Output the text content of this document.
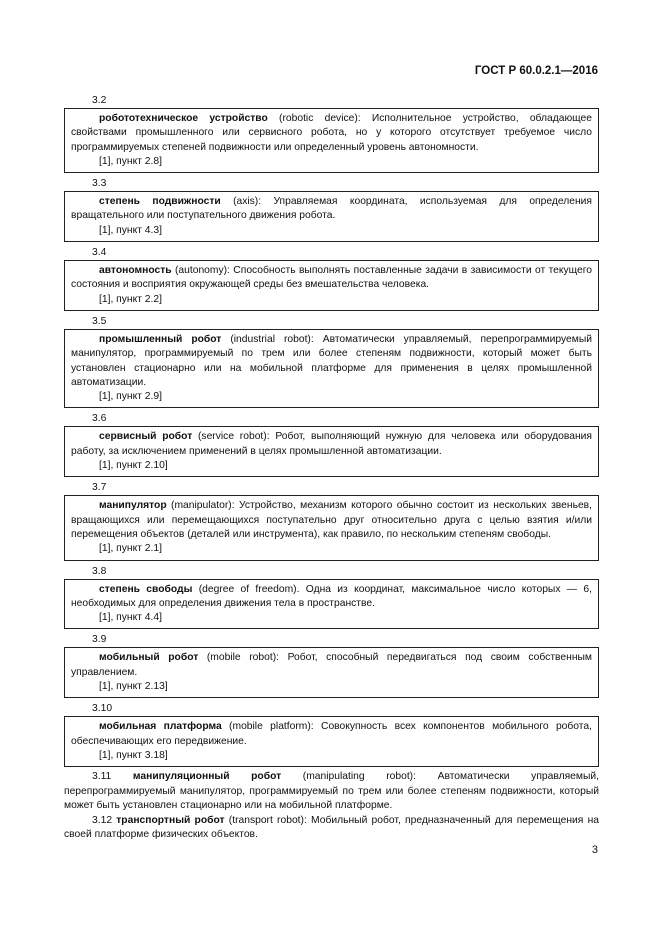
ГОСТ Р 60.0.2.1—2016
3.2
робототехническое устройство (robotic device): Исполнительное устройство, обладающее свойствами промышленного или сервисного робота, но у которого отсутствует требуемое число программируемых степеней подвижности или определенный уровень автономности.
[1], пункт 2.8]
3.3
степень подвижности (axis): Управляемая координата, используемая для определения вращательного или поступательного движения робота.
[1], пункт 4.3]
3.4
автономность (autonomy): Способность выполнять поставленные задачи в зависимости от текущего состояния и восприятия окружающей среды без вмешательства человека.
[1], пункт 2.2]
3.5
промышленный робот (industrial robot): Автоматически управляемый, перепрограммируемый манипулятор, программируемый по трем или более степеням подвижности, который может быть установлен стационарно или на мобильной платформе для применения в целях промышленной автоматизации.
[1], пункт 2.9]
3.6
сервисный робот (service robot): Робот, выполняющий нужную для человека или оборудования работу, за исключением применений в целях промышленной автоматизации.
[1], пункт 2.10]
3.7
манипулятор (manipulator): Устройство, механизм которого обычно состоит из нескольких звеньев, вращающихся или перемещающихся поступательно друг относительно друга с целью взятия и/или перемещения объектов (деталей или инструмента), как правило, по нескольким степеням свободы.
[1], пункт 2.1]
3.8
степень свободы (degree of freedom). Одна из координат, максимальное число которых — 6, необходимых для определения движения тела в пространстве.
[1], пункт 4.4]
3.9
мобильный робот (mobile robot): Робот, способный передвигаться под своим собственным управлением.
[1], пункт 2.13]
3.10
мобильная платформа (mobile platform): Совокупность всех компонентов мобильного робота, обеспечивающих его передвижение.
[1], пункт 3.18]
3.11 манипуляционный робот (manipulating robot): Автоматически управляемый, перепрограммируемый манипулятор, программируемый по трем или более степеням подвижности, который может быть установлен стационарно или на мобильной платформе.
3.12 транспортный робот (transport robot): Мобильный робот, предназначенный для перемещения на своей платформе физических объектов.
3
